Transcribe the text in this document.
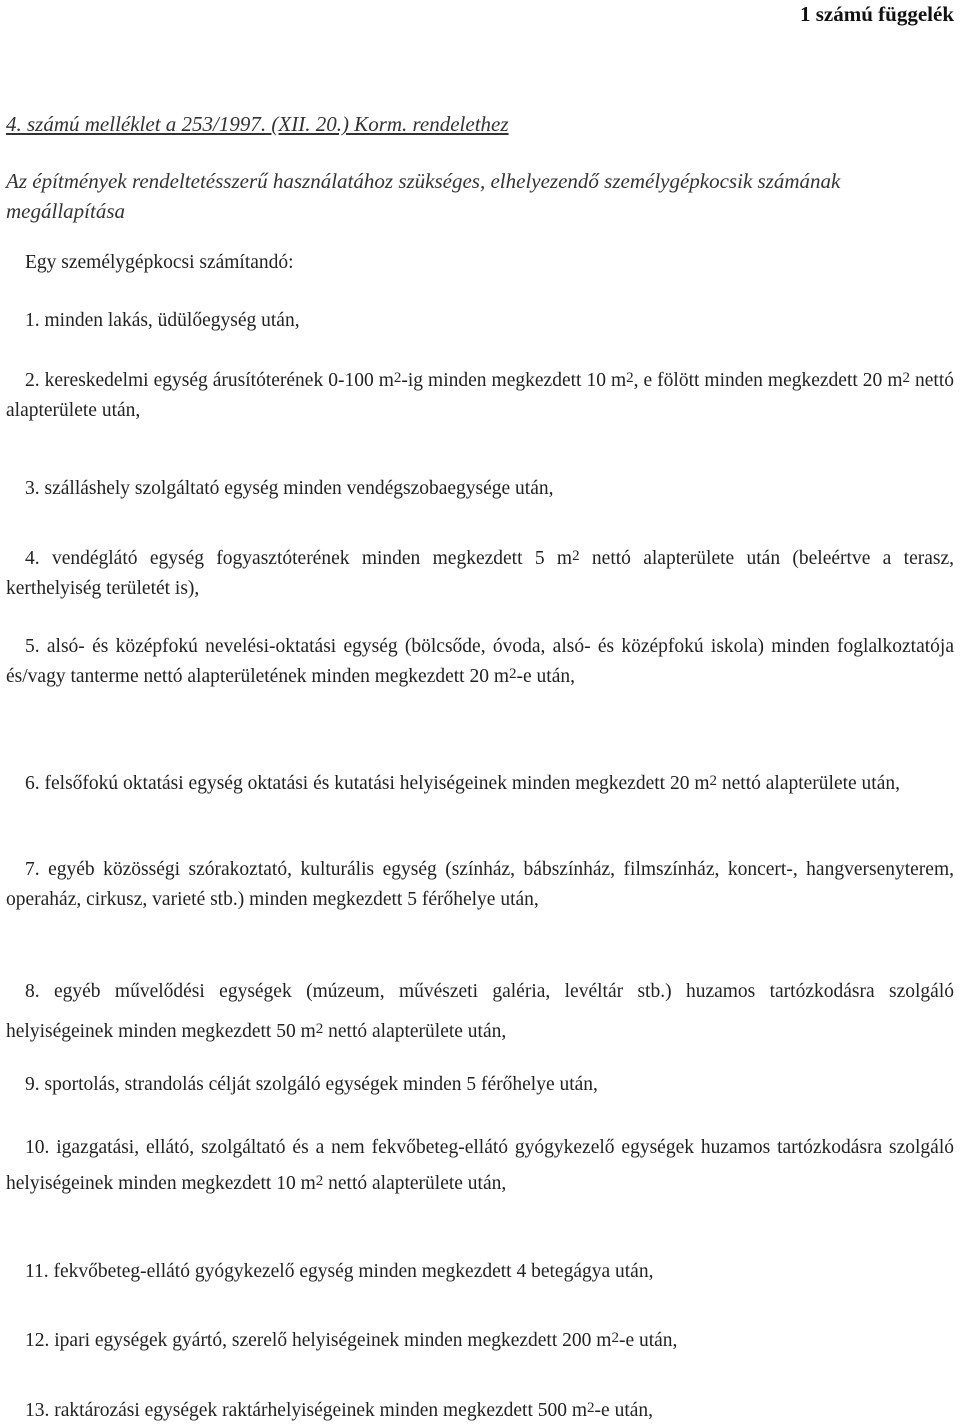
1 számú függelék
4. számú melléklet a 253/1997. (XII. 20.) Korm. rendelethez
Az építmények rendeltetésszerű használatához szükséges, elhelyezendő személygépkocsik számának megállapítása
Egy személygépkocsi számítandó:
1. minden lakás, üdülőegység után,
2. kereskedelmi egység árusítóterének 0-100 $m^2-ig$ minden megkezdett 10 $m^2$, e fölött minden megkezdett 20 $m^2$ nettó alapterülete után,
3. szálláshely szolgáltató egység minden vendégszobaegysége után,
4. vendéglátó egység fogyasztóterének minden megkezdett 5 $m^2$ nettó alapterülete után (beleértve a terasz, kerthelyiség területét is),
5. alsó- és középfokú nevelési-oktatási egység (bölcsőde, óvoda, alsó- és középfokú iskola) minden foglalkoztatója és/vagy tanterme nettó alapterületének minden megkezdett 20 $m^2-e$ után,
6. felsőfokú oktatási egység oktatási és kutatási helyiségeinek minden megkezdett 20 $m^2$ nettó alapterülete után,
7. egyéb közösségi szórakoztató, kulturális egység (színház, bábszínház, filmszínház, koncert-, hangversenyterem, operaház, cirkusz, varieté stb.) minden megkezdett 5 férőhelye után,
8. egyéb művelődési egységek (múzeum, művészeti galéria, levéltár stb.) huzamos tartózkodásra szolgáló helyiségeinek minden megkezdett 50 $m^2$ nettó alapterülete után,
9. sportolás, strandolás célját szolgáló egységek minden 5 férőhelye után,
10. igazgatási, ellátó, szolgáltató és a nem fekvőbeteg-ellátó gyógykezelő egységek huzamos tartózkodásra szolgáló helyiségeinek minden megkezdett 10 $m^2$ nettó alapterülete után,
11. fekvőbeteg-ellátó gyógykezelő egység minden megkezdett 4 betegágya után,
12. ipari egységek gyártó, szerelő helyiségeinek minden megkezdett 200 $m^2-e$ után,
13. raktározási egységek raktárhelyiségeinek minden megkezdett 500 $m^2-e$ után,
